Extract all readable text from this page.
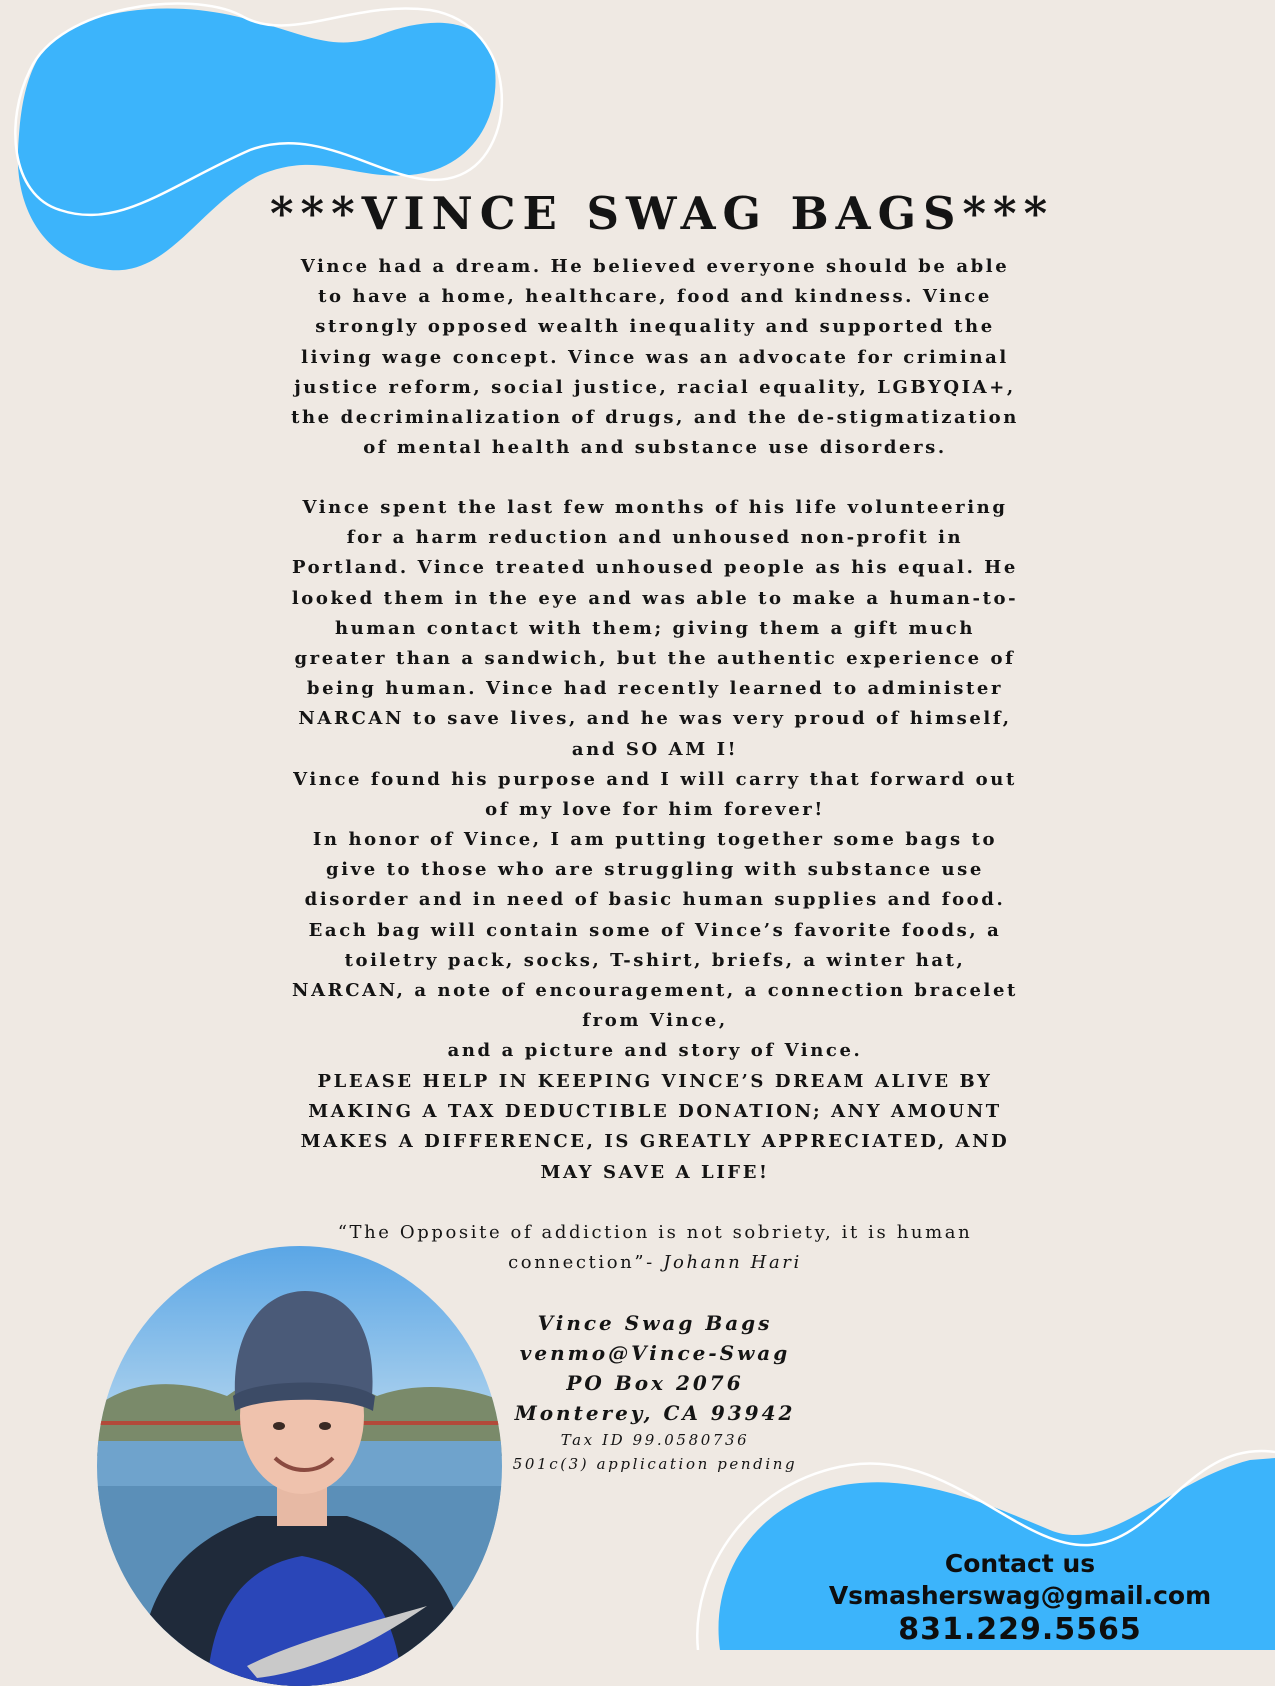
***VINCE SWAG BAGS***

Vince had a dream. He believed everyone should be able to have a home, healthcare, food and kindness. Vince strongly opposed wealth inequality and supported the living wage concept. Vince was an advocate for criminal justice reform, social justice, racial equality, LGBYQIA+, the decriminalization of drugs, and the de-stigmatization of mental health and substance use disorders.

Vince spent the last few months of his life volunteering for a harm reduction and unhoused non-profit in Portland. Vince treated unhoused people as his equal. He looked them in the eye and was able to make a human-to-human contact with them; giving them a gift much greater than a sandwich, but the authentic experience of being human. Vince had recently learned to administer NARCAN to save lives, and he was very proud of himself, and SO AM I!

Vince found his purpose and I will carry that forward out of my love for him forever!

In honor of Vince, I am putting together some bags to give to those who are struggling with substance use disorder and in need of basic human supplies and food. Each bag will contain some of Vince’s favorite foods, a toiletry pack, socks, T-shirt, briefs, a winter hat, NARCAN, a note of encouragement, a connection bracelet from Vince,

and a picture and story of Vince.

PLEASE HELP IN KEEPING VINCE’S DREAM ALIVE BY MAKING A TAX DEDUCTIBLE DONATION; ANY AMOUNT MAKES A DIFFERENCE, IS GREATLY APPRECIATED, AND MAY SAVE A LIFE!

“The Opposite of addiction is not sobriety, it is human connection”- Johann Hari

Vince Swag Bags

venmo@Vince-Swag

PO Box 2076

Monterey, CA 93942

Tax ID 99.0580736

501c(3) application pending

Contact us

Vsmasherswag@gmail.com

831.229.5565
